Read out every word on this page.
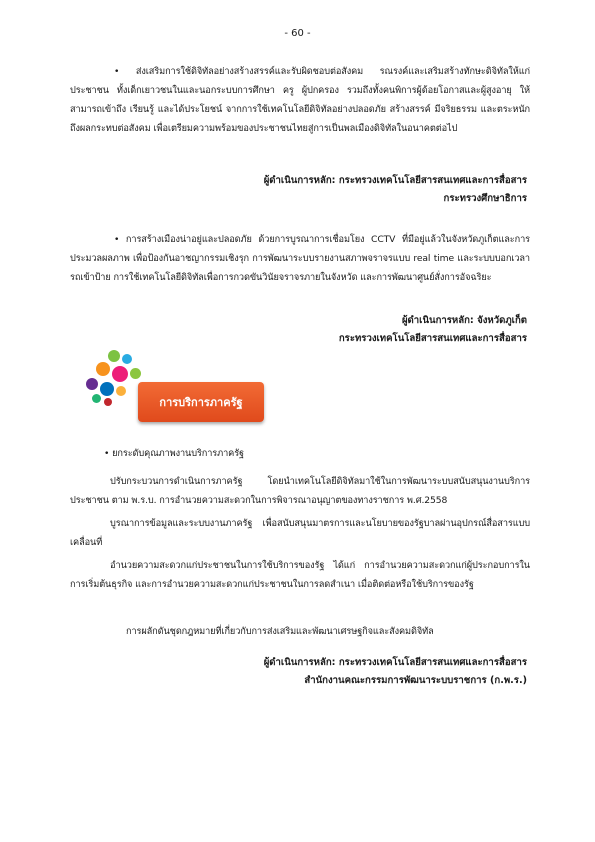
- 60 -
• ส่งเสริมการใช้ดิจิทัลอย่างสร้างสรรค์และรับผิดชอบต่อสังคม รณรงค์และเสริมสร้างทักษะดิจิทัลให้แก่ประชาชน ทั้งเด็กเยาวชนในและนอกระบบการศึกษา ครู ผู้ปกครอง รวมถึงทั้งคนพิการผู้ด้อยโอกาสและผู้สูงอายุ ให้สามารถเข้าถึง เรียนรู้ และได้ประโยชน์ จากการใช้เทคโนโลยีดิจิทัลอย่างปลอดภัย สร้างสรรค์ มีจริยธรรม และตระหนักถึงผลกระทบต่อสังคม เพื่อเตรียมความพร้อมของประชาชนไทยสู่การเป็นพลเมืองดิจิทัลในอนาคตต่อไป
ผู้ดำเนินการหลัก: กระทรวงเทคโนโลยีสารสนเทศและการสื่อสาร
กระทรวงศึกษาธิการ
• การสร้างเมืองน่าอยู่และปลอดภัย ด้วยการบูรณาการเชื่อมโยง CCTV ที่มีอยู่แล้วในจังหวัดภูเก็ตและการประมวลผลภาพ เพื่อป้องกันอาชญากรรมเชิงรุก การพัฒนาระบบรายงานสภาพจราจรแบบ real time และระบบบอกเวลารถเข้าป้าย การใช้เทคโนโลยีดิจิทัลเพื่อการกวดขันวินัยจราจรภายในจังหวัด และการพัฒนาศูนย์สั่งการอัจฉริยะ
ผู้ดำเนินการหลัก: จังหวัดภูเก็ต
กระทรวงเทคโนโลยีสารสนเทศและการสื่อสาร
การบริการภาครัฐ
• ยกระดับคุณภาพงานบริการภาครัฐ
ปรับกระบวนการดำเนินการภาครัฐ โดยนำเทคโนโลยีดิจิทัลมาใช้ในการพัฒนาระบบสนับสนุนงานบริการประชาชน ตาม พ.ร.บ. การอำนวยความสะดวกในการพิจารณาอนุญาตของทางราชการ พ.ศ.2558
บูรณาการข้อมูลและระบบงานภาครัฐ เพื่อสนับสนุนมาตรการและนโยบายของรัฐบาลผ่านอุปกรณ์สื่อสารแบบเคลื่อนที่
อำนวยความสะดวกแก่ประชาชนในการใช้บริการของรัฐ ได้แก่ การอำนวยความสะดวกแก่ผู้ประกอบการในการเริ่มต้นธุรกิจ และการอำนวยความสะดวกแก่ประชาชนในการลดสำเนา เมื่อติดต่อหรือใช้บริการของรัฐ
การผลักดันชุดกฎหมายที่เกี่ยวกับการส่งเสริมและพัฒนาเศรษฐกิจและสังคมดิจิทัล
ผู้ดำเนินการหลัก: กระทรวงเทคโนโลยีสารสนเทศและการสื่อสาร
สำนักงานคณะกรรมการพัฒนาระบบราชการ (ก.พ.ร.)
